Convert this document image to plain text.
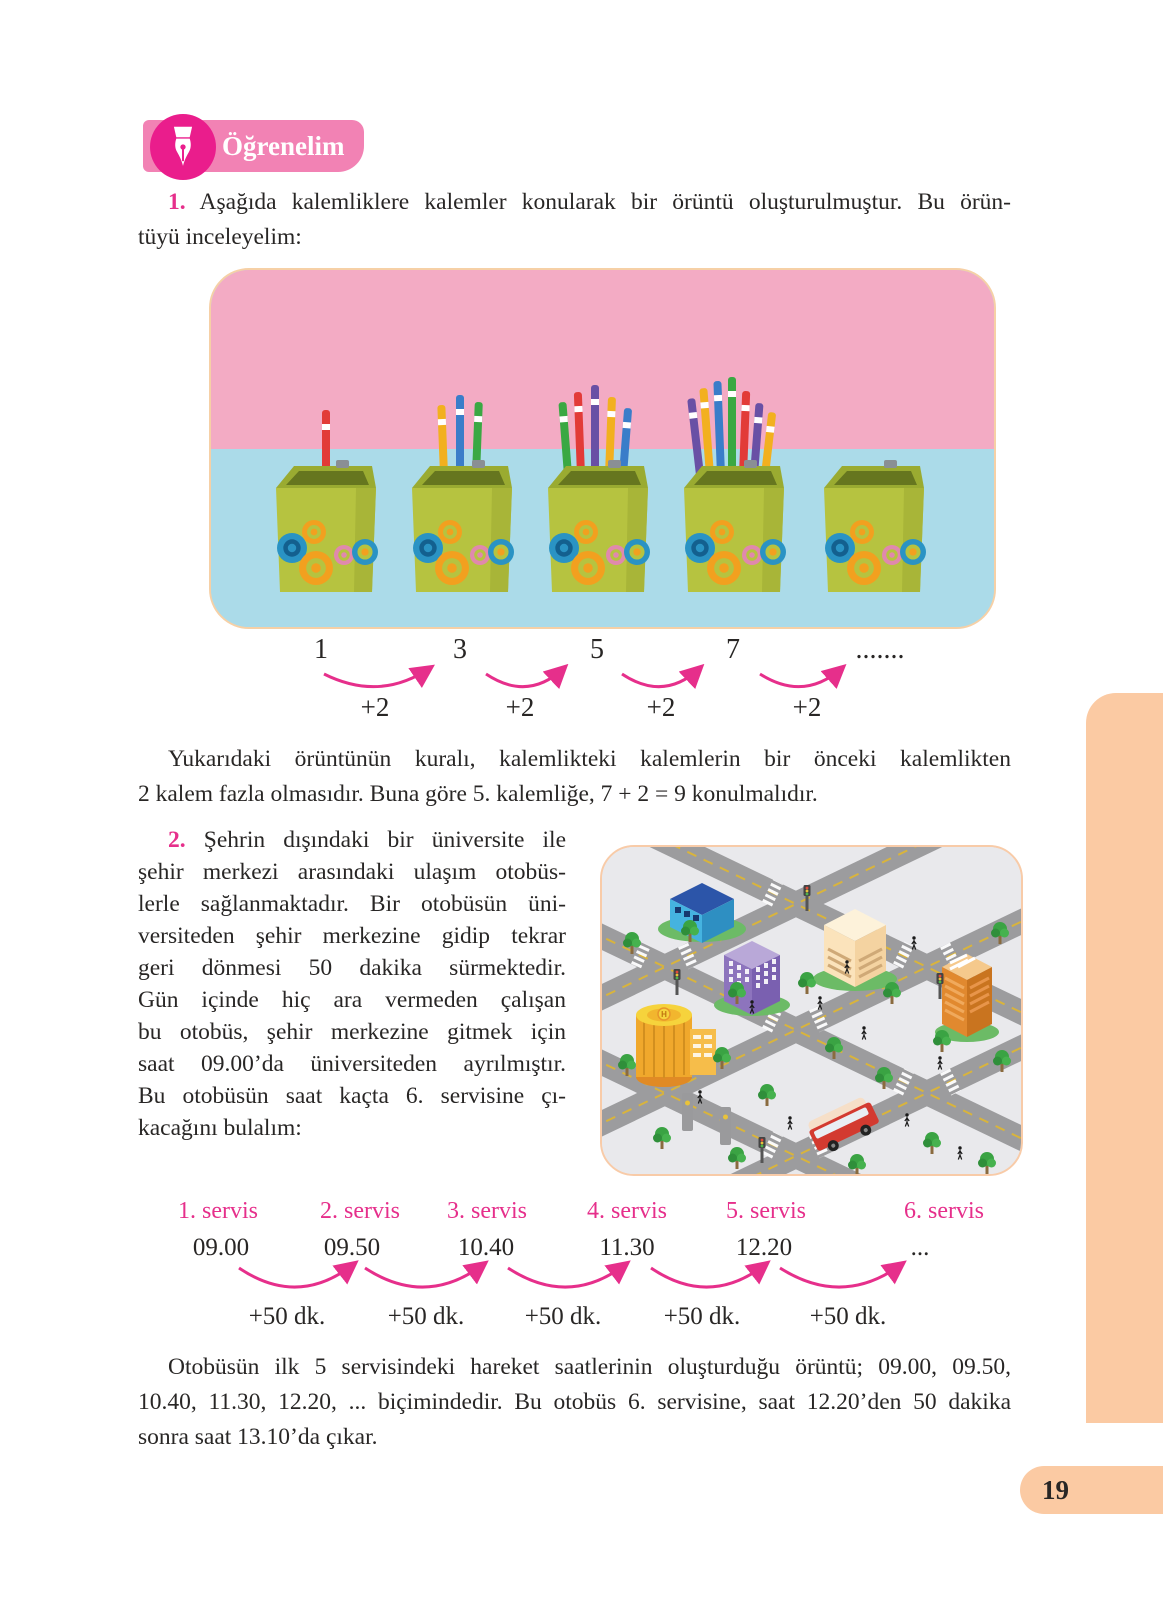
Öğrenelim
1. Aşağıda kalemliklere kalemler konularak bir örüntü oluşturulmuştur. Bu örün-
tüyü inceleyelim:
1	3	5	7	.......
+2	+2	+2	+2
Yukarıdaki örüntünün kuralı, kalemlikteki kalemlerin bir önceki kalemlikten
2 kalem fazla olmasıdır. Buna göre 5. kalemliğe, 7 + 2 = 9 konulmalıdır.
2. Şehrin dışındaki bir üniversite ile
şehir merkezi arasındaki ulaşım otobüs-
lerle sağlanmaktadır. Bir otobüsün üni-
versiteden şehir merkezine gidip tekrar
geri dönmesi 50 dakika sürmektedir.
Gün içinde hiç ara vermeden çalışan
bu otobüs, şehir merkezine gitmek için
saat 09.00’da üniversiteden ayrılmıştır.
Bu otobüsün saat kaçta 6. servisine çı-
kacağını bulalım:
H
1. servis	2. servis 3. servis	4. servis 5. servis	6. servis
09.00	09.50	10.40	11.30	12.20	...
+50 dk. +50 dk. +50 dk. +50 dk.	+50 dk.
Otobüsün ilk 5 servisindeki hareket saatlerinin oluşturduğu örüntü; 09.00, 09.50,
10.40, 11.30, 12.20, ... biçimindedir. Bu otobüs 6. servisine, saat 12.20’den 50 dakika
sonra saat 13.10’da çıkar.
19
